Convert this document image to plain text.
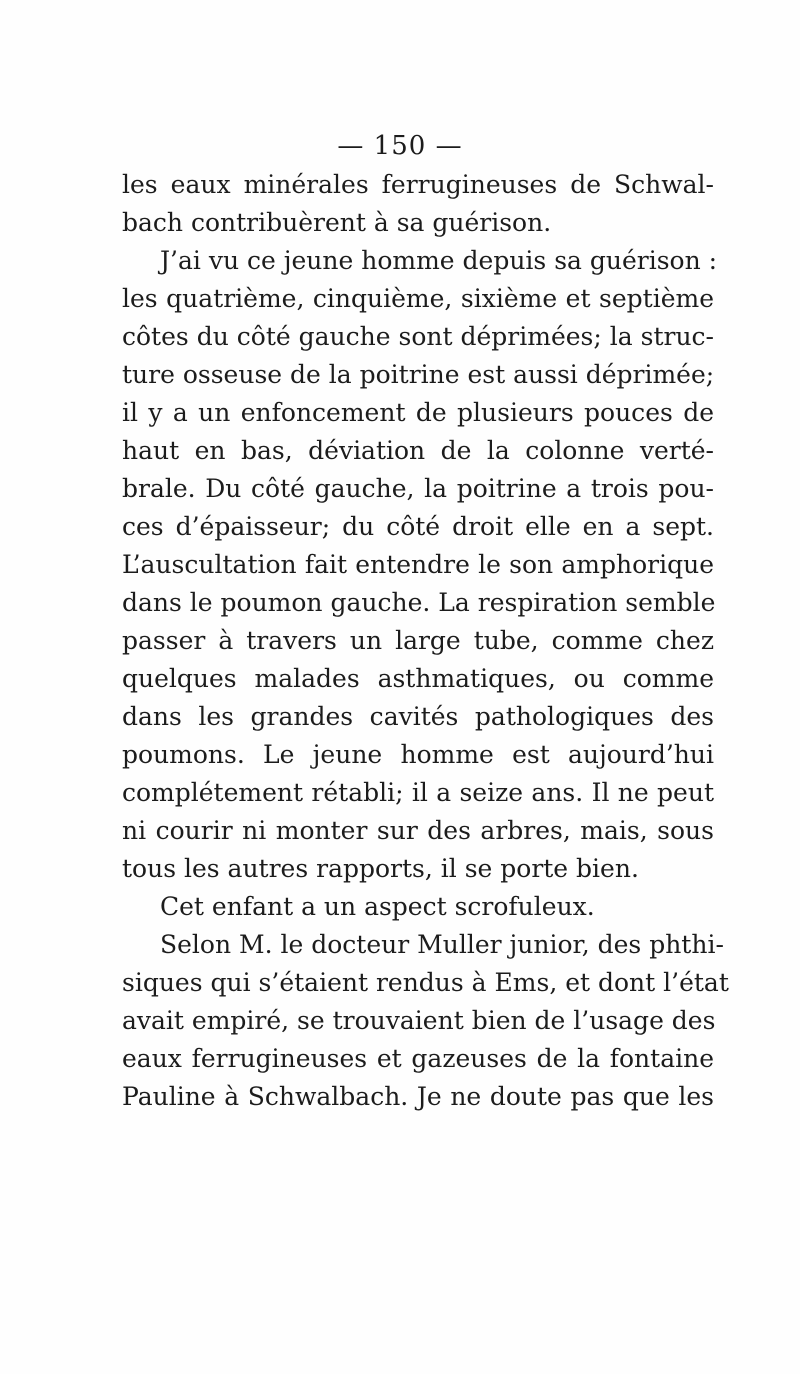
— 150 —
les eaux minérales ferrugineuses de Schwal-
bach contribuèrent à sa guérison.
J’ai vu ce jeune homme depuis sa guérison :
les quatrième, cinquième, sixième et septième
côtes du côté gauche sont déprimées; la struc-
ture osseuse de la poitrine est aussi déprimée;
il y a un enfoncement de plusieurs pouces de
haut en bas, déviation de la colonne verté-
brale. Du côté gauche, la poitrine a trois pou-
ces d’épaisseur; du côté droit elle en a sept.
L’auscultation fait entendre le son amphorique
dans le poumon gauche. La respiration semble
passer à travers un large tube, comme chez
quelques malades asthmatiques, ou comme
dans les grandes cavités pathologiques des
poumons. Le jeune homme est aujourd’hui
complétement rétabli; il a seize ans. Il ne peut
ni courir ni monter sur des arbres, mais, sous
tous les autres rapports, il se porte bien.
Cet enfant a un aspect scrofuleux.
Selon M. le docteur Muller junior, des phthi-
siques qui s’étaient rendus à Ems, et dont l’état
avait empiré, se trouvaient bien de l’usage des
eaux ferrugineuses et gazeuses de la fontaine
Pauline à Schwalbach. Je ne doute pas que les
